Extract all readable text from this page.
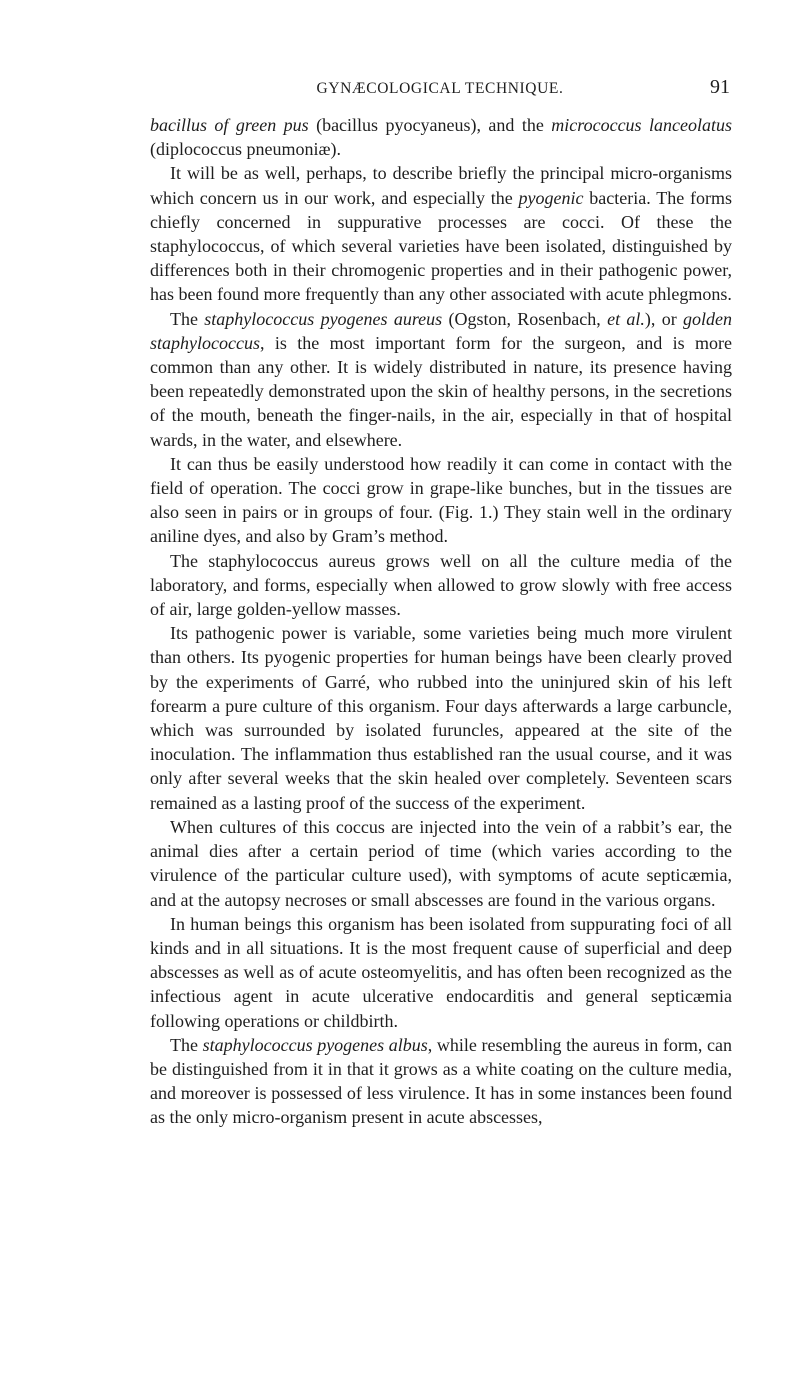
GYNÆCOLOGICAL TECHNIQUE.	91

bacillus of green pus (bacillus pyocyaneus), and the micrococcus lanceolatus (diplococcus pneumoniæ).

It will be as well, perhaps, to describe briefly the principal micro-organisms which concern us in our work, and especially the pyogenic bacteria. The forms chiefly concerned in suppurative processes are cocci. Of these the staphylococcus, of which several varieties have been isolated, distinguished by differences both in their chromogenic properties and in their pathogenic power, has been found more frequently than any other associated with acute phlegmons.

The staphylococcus pyogenes aureus (Ogston, Rosenbach, et al.), or golden staphylococcus, is the most important form for the surgeon, and is more common than any other. It is widely distributed in nature, its presence having been repeatedly demonstrated upon the skin of healthy persons, in the secretions of the mouth, beneath the finger-nails, in the air, especially in that of hospital wards, in the water, and elsewhere.

It can thus be easily understood how readily it can come in contact with the field of operation. The cocci grow in grape-like bunches, but in the tissues are also seen in pairs or in groups of four. (Fig. 1.) They stain well in the ordinary aniline dyes, and also by Gram’s method.

The staphylococcus aureus grows well on all the culture media of the laboratory, and forms, especially when allowed to grow slowly with free access of air, large golden-yellow masses.

Its pathogenic power is variable, some varieties being much more virulent than others. Its pyogenic properties for human beings have been clearly proved by the experiments of Garré, who rubbed into the uninjured skin of his left forearm a pure culture of this organism. Four days afterwards a large carbuncle, which was surrounded by isolated furuncles, appeared at the site of the inoculation. The inflammation thus established ran the usual course, and it was only after several weeks that the skin healed over completely. Seventeen scars remained as a lasting proof of the success of the experiment.

When cultures of this coccus are injected into the vein of a rabbit’s ear, the animal dies after a certain period of time (which varies according to the virulence of the particular culture used), with symptoms of acute septicæmia, and at the autopsy necroses or small abscesses are found in the various organs.

In human beings this organism has been isolated from suppurating foci of all kinds and in all situations. It is the most frequent cause of superficial and deep abscesses as well as of acute osteomyelitis, and has often been recognized as the infectious agent in acute ulcerative endocarditis and general septicæmia following operations or childbirth.

The staphylococcus pyogenes albus, while resembling the aureus in form, can be distinguished from it in that it grows as a white coating on the culture media, and moreover is possessed of less virulence. It has in some instances been found as the only micro-organism present in acute abscesses,
